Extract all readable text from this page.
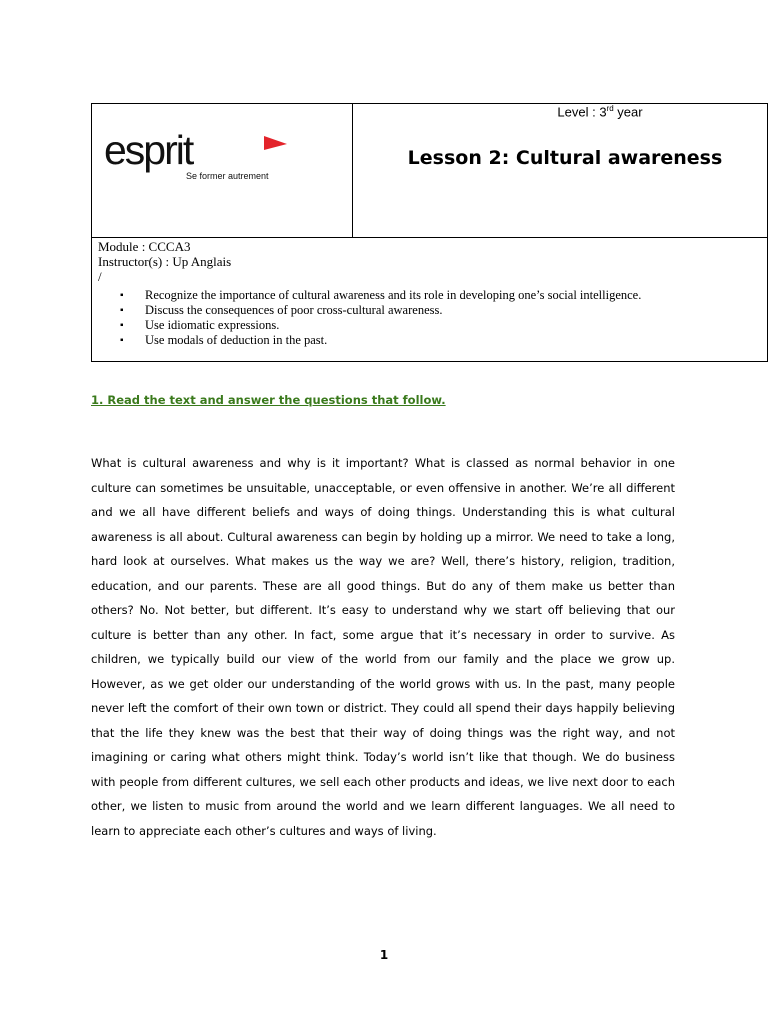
esprit
Se former autrement
Level : 3rd year
Lesson 2: Cultural awareness
Module : CCCA3
Instructor(s) : Up Anglais
/
▪ Recognize the importance of cultural awareness and its role in developing one’s social intelligence.
▪ Discuss the consequences of poor cross-cultural awareness.
▪ Use idiomatic expressions.
▪ Use modals of deduction in the past.
1. Read the text and answer the questions that follow.

What is cultural awareness and why is it important? What is classed as normal behavior in one culture can sometimes be unsuitable, unacceptable, or even offensive in another. We’re all different and we all have different beliefs and ways of doing things. Understanding this is what cultural awareness is all about. Cultural awareness can begin by holding up a mirror. We need to take a long, hard look at ourselves. What makes us the way we are? Well, there’s history, religion, tradition, education, and our parents. These are all good things. But do any of them make us better than others? No. Not better, but different. It’s easy to understand why we start off believing that our culture is better than any other. In fact, some argue that it’s necessary in order to survive. As children, we typically build our view of the world from our family and the place we grow up. However, as we get older our understanding of the world grows with us. In the past, many people never left the comfort of their own town or district. They could all spend their days happily believing that the life they knew was the best that their way of doing things was the right way, and not imagining or caring what others might think. Today’s world isn’t like that though. We do business with people from different cultures, we sell each other products and ideas, we live next door to each other, we listen to music from around the world and we learn different languages. We all need to learn to appreciate each other’s cultures and ways of living.

1
